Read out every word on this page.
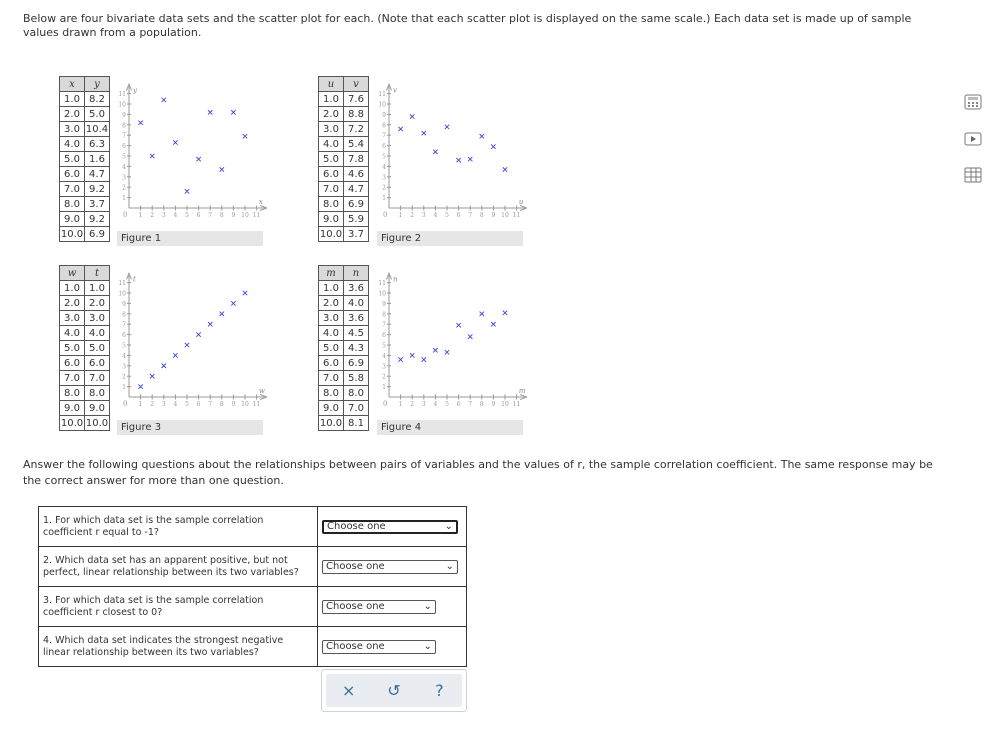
Below are four bivariate data sets and the scatter plot for each. (Note that each scatter plot is displayed on the same scale.) Each data set is made up of sample values drawn from a population.
x	y
1.0	8.2
2.0	5.0
3.0	10.4
4.0	6.3
5.0	1.6
6.0	4.7
7.0	9.2
8.0	3.7
9.0	9.2
10.0	6.9
u	v
1.0	7.6
2.0	8.8
3.0	7.2
4.0	5.4
5.0	7.8
6.0	4.6
7.0	4.7
8.0	6.9
9.0	5.9
10.0	3.7
w	t
1.0	1.0
2.0	2.0
3.0	3.0
4.0	4.0
5.0	5.0
6.0	6.0
7.0	7.0
8.0	8.0
9.0	9.0
10.0	10.0
m	n
1.0	3.6
2.0	4.0
3.0	3.6
4.0	4.5
5.0	4.3
6.0	6.9
7.0	5.8
8.0	8.0
9.0	7.0
10.0	8.1
1
2
3
4
5
6
7
8
9
10
11
1 2 3 4 5 6 7 8 9 10 11
0
x
y
1
2
3
4
5
6
7
8
9
10
11
1 2 3 4 5 6 7 8 9 10 11
0
u
v
1
2
3
4
5
6
7
8
9
10
11
1 2 3 4 5 6 7 8 9 10 11
0
w
t
1
2
3
4
5
6
7
8
9
10
11
1 2 3 4 5 6 7 8 9 10 11
0
m
n
Figure 1	Figure 2
Figure 3	Figure 4
Answer the following questions about the relationships between pairs of variables and the values of r, the sample correlation coefficient. The same response may be the correct answer for more than one question.
1. For which data set is the sample correlation coefficient r equal to -1?	Choose one ⌄

2. Which data set has an apparent positive, but not perfect, linear relationship between its two variables?	Choose one ⌄

3. For which data set is the sample correlation coefficient r closest to 0?	Choose one ⌄

4. Which data set indicates the strongest negative linear relationship between its two variables?	Choose one ⌄
×	↺	?
